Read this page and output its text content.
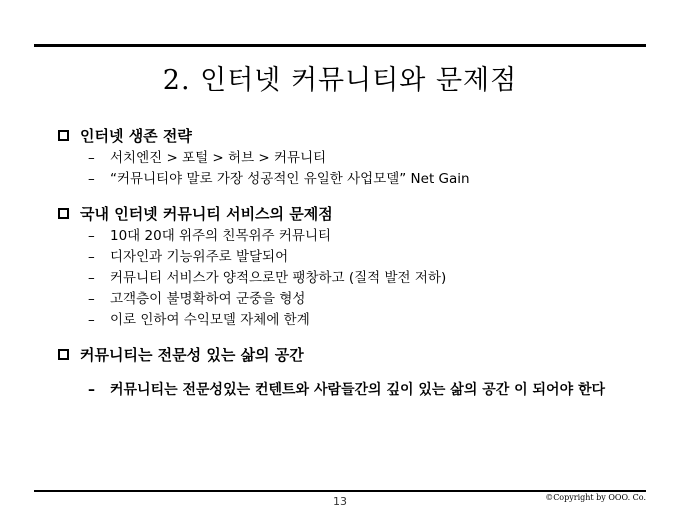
2. 인터넷 커뮤니티와 문제점
인터넷 생존 전략
–	서치엔진 > 포털 > 허브 > 커뮤니티
–	“커뮤니티야 말로 가장 성공적인 유일한 사업모델” Net Gain
국내 인터넷 커뮤니티 서비스의 문제점
–	10대 20대 위주의 친목위주 커뮤니티
–	디자인과 기능위주로 발달되어
–	커뮤니티 서비스가 양적으로만 팽창하고 (질적 발전 저하)
–	고객층이 불명확하여 군중을 형성
–	이로 인하여 수익모델 자체에 한계
커뮤니티는 전문성 있는 삶의 공간
–	커뮤니티는 전문성있는 컨텐트와 사람들간의 깊이 있는 삶의 공간 이 되어야 한다
13	©Copyright by OOO. Co.
